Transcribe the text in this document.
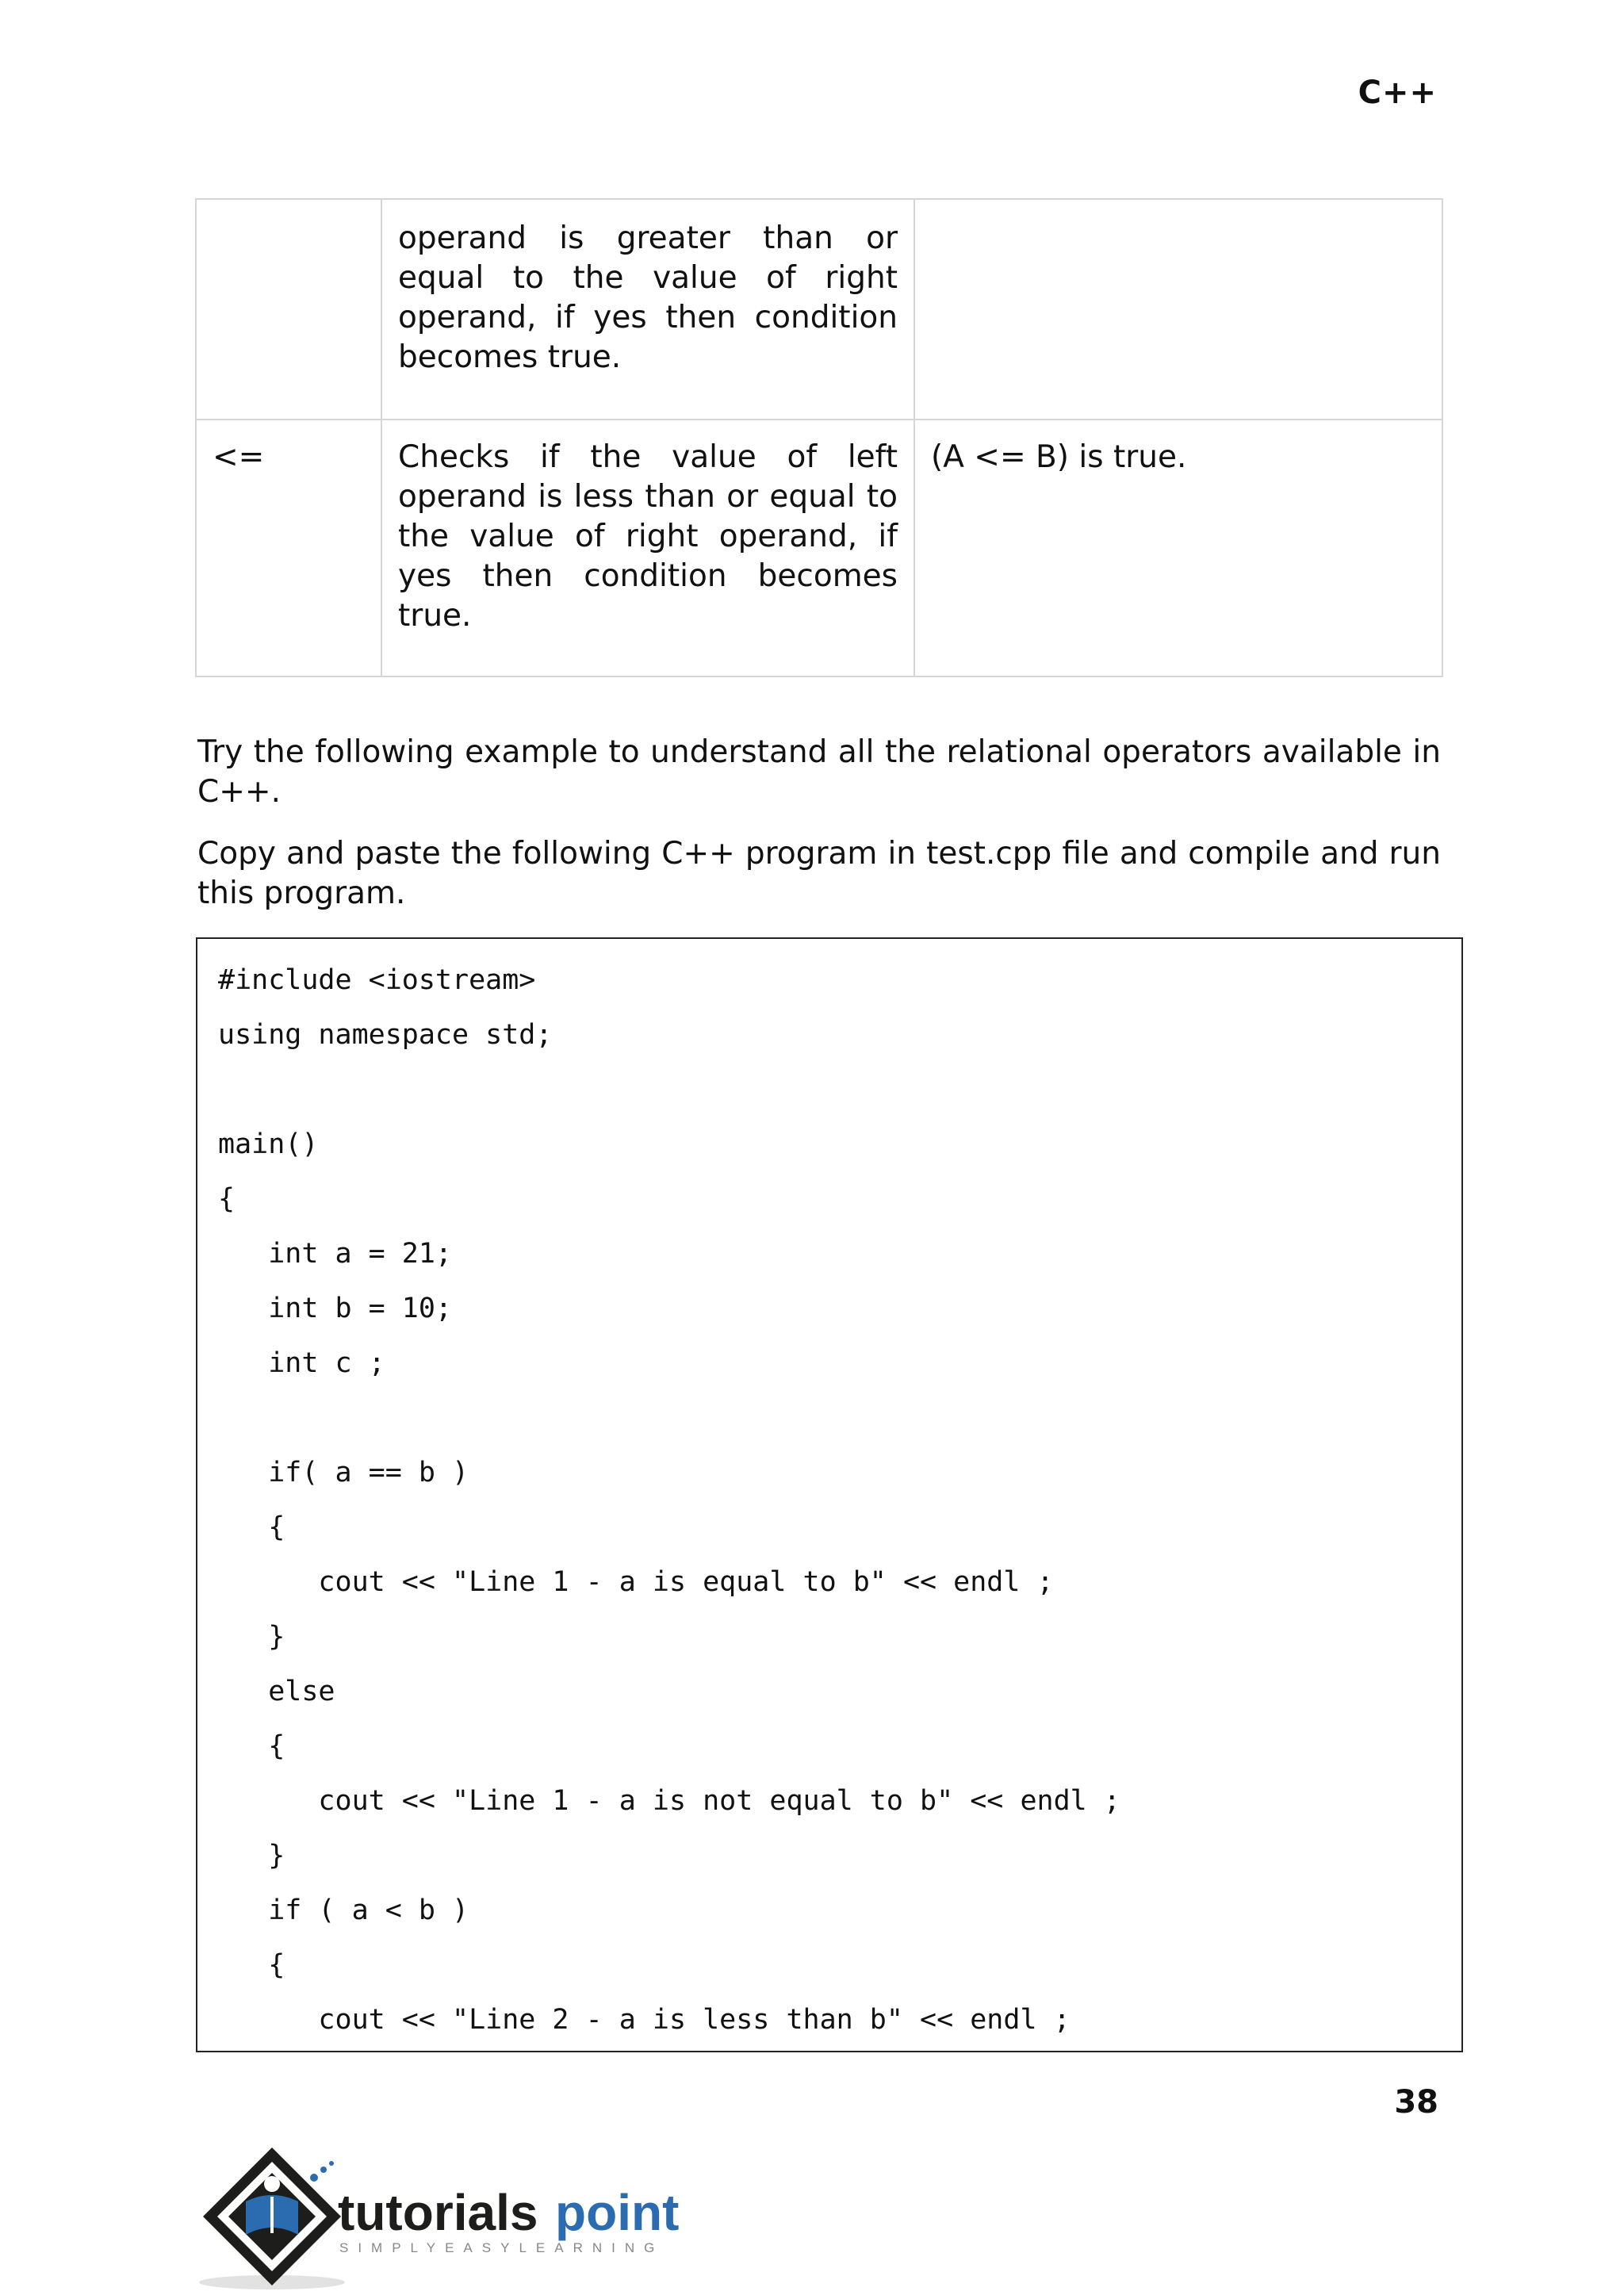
C++
	operand is greater than or equal to the value of right operand, if yes then condition becomes true.	
<=	Checks if the value of left operand is less than or equal to the value of right operand, if yes then condition becomes true.	(A <= B) is true.

Try the following example to understand all the relational operators available in C++.

Copy and paste the following C++ program in test.cpp file and compile and run this program.

#include <iostream>
using namespace std;
main()
{
int a = 21;
int b = 10;
int c ;
if( a == b )
{
cout << "Line 1 - a is equal to b" << endl ;
}
else
{
cout << "Line 1 - a is not equal to b" << endl ;
}
if ( a < b )
{
cout << "Line 2 - a is less than b" << endl ;
38
tutorials point
SIMPLYEASYLEARNING
